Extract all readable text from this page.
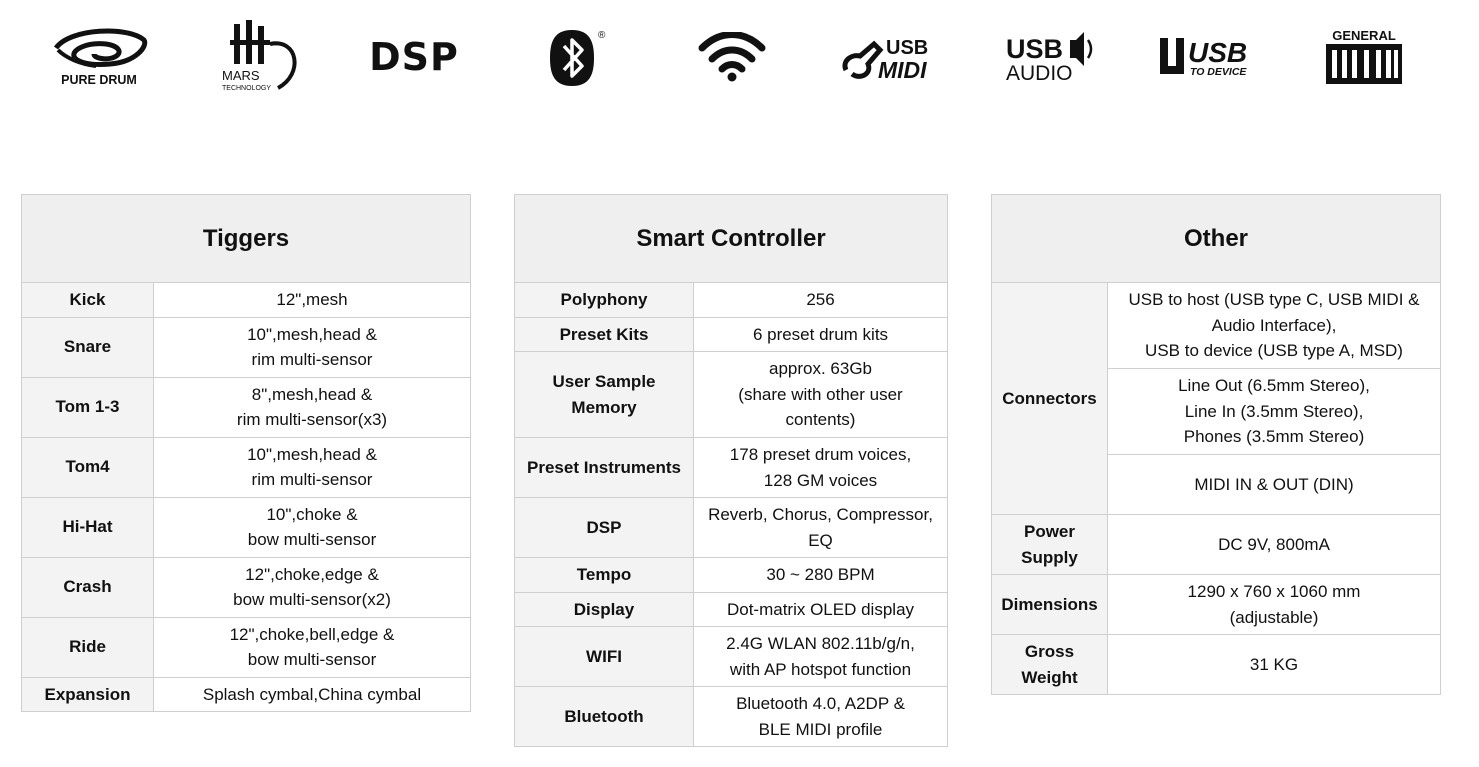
PURE DRUM	MARS
TECHNOLOGY
DSP	®
USB
MIDI
USB
AUDIO
USB
TO DEVICE
GENERAL
Tiggers	
Kick	12",mesh
Snare	10",mesh,head &
rim multi-sensor
Tom 1-3	8",mesh,head &
rim multi-sensor(x3)
Tom4	10",mesh,head &
rim multi-sensor
Hi-Hat	10",choke &
bow multi-sensor
Crash	12",choke,edge &
bow multi-sensor(x2)
Ride	12",choke,bell,edge &
bow multi-sensor
Expansion	Splash cymbal,China cymbal
Smart Controller	
Polyphony	256
Preset Kits	6 preset drum kits
User Sample
Memory	approx. 63Gb
(share with other user
contents)
Preset Instruments	178 preset drum voices,
128 GM voices
DSP	Reverb, Chorus, Compressor,
EQ
Tempo	30 ~ 280 BPM
Display	Dot-matrix OLED display
WIFI	2.4G WLAN 802.11b/g/n,
with AP hotspot function
Bluetooth	Bluetooth 4.0, A2DP &
BLE MIDI profile
Other	
Connectors	USB to host (USB type C, USB MIDI &
Audio Interface),
USB to device (USB type A, MSD)
	Line Out (6.5mm Stereo),
Line In (3.5mm Stereo),
Phones (3.5mm Stereo)
	MIDI IN & OUT (DIN)
Power
Supply	DC 9V, 800mA
Dimensions	1290 x 760 x 1060 mm
(adjustable)
Gross
Weight	31 KG
